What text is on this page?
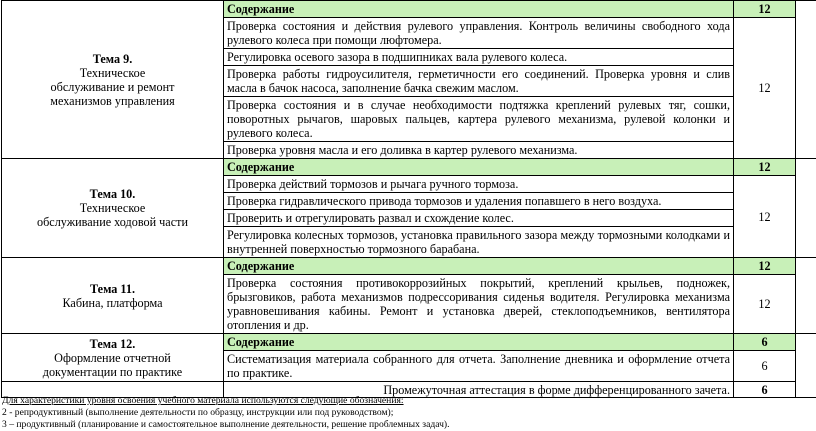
Тема 9.
Техническое
обслуживание и ремонт
механизмов управления	Содержание	12	
	Проверка состояния и действия рулевого управления. Контроль величины свободного хода рулевого колеса при помощи люфтомера.	12	
	Регулировка осевого зазора в подшипниках вала рулевого колеса.		
	Проверка работы гидроусилителя, герметичности его соединений. Проверка уровня и слив масла в бачок насоса, заполнение бачка свежим маслом.		
	Проверка состояния и в случае необходимости подтяжка креплений рулевых тяг, сошки, поворотных рычагов, шаровых пальцев, картера рулевого механизма, рулевой колонки и рулевого колеса.		
	Проверка уровня масла и его доливка в картер рулевого механизма.		

Тема 10.
Техническое
обслуживание ходовой части	Содержание	12	
	Проверка действий тормозов и рычага ручного тормоза.	12	
	Проверка гидравлического привода тормозов и удаления попавшего в него воздуха.		
	Проверить и отрегулировать развал и схождение колес.		
	Регулировка колесных тормозов, установка правильного зазора между тормозными колодками и внутренней поверхностью тормозного барабана.		

Тема 11.
Кабина, платформа	Содержание	12	
	Проверка состояния противокоррозийных покрытий, креплений крыльев, подножек, брызговиков, работа механизмов подрессоривания сиденья водителя. Регулировка механизма уравновешивания кабины. Ремонт и установка дверей, стеклоподъемников, вентилятора отопления и др.	12	

Тема 12.
Оформление отчетной
документации по практике	Содержание	6	
	Систематизация материала собранного для отчета. Заполнение дневника и оформление отчета по практике.	6	
	Промежуточная аттестация в форме дифференцированного зачета.	6	
Для характеристики уровня освоения учебного материала используются следующие обозначения:
2 - репродуктивный (выполнение деятельности по образцу, инструкции или под руководством);
3 – продуктивный (планирование и самостоятельное выполнение деятельности, решение проблемных задач).
